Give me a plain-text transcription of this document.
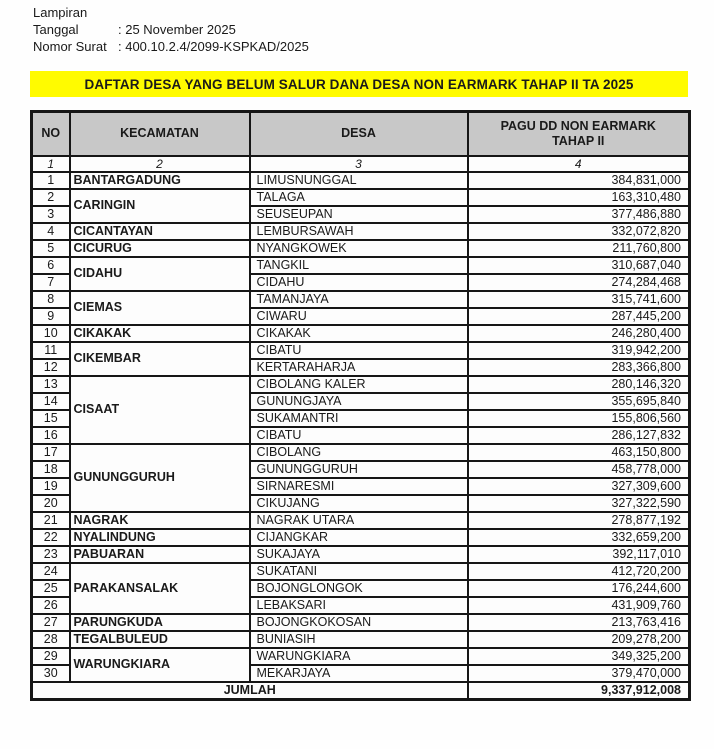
Lampiran
Tanggal	: 25 November 2025
Nomor Surat : 400.10.2.4/2099-KSPKAD/2025
DAFTAR DESA YANG BELUM SALUR DANA DESA NON EARMARK TAHAP II TA 2025
NO	KECAMATAN	DESA	PAGU DD NON EARMARK TAHAP II
1	2	3	4
1	BANTARGADUNG	LIMUSNUNGGAL	384,831,000
2	CARINGIN	TALAGA	163,310,480
3		SEUSEUPAN	377,486,880
4	CICANTAYAN	LEMBURSAWAH	332,072,820
5	CICURUG	NYANGKOWEK	211,760,800
6	CIDAHU	TANGKIL	310,687,040
7		CIDAHU	274,284,468
8	CIEMAS	TAMANJAYA	315,741,600
9		CIWARU	287,445,200
10	CIKAKAK	CIKAKAK	246,280,400
11	CIKEMBAR	CIBATU	319,942,200
12		KERTARAHARJA	283,366,800
13	CISAAT	CIBOLANG KALER	280,146,320
14		GUNUNGJAYA	355,695,840
15		SUKAMANTRI	155,806,560
16		CIBATU	286,127,832
17	GUNUNGGURUH	CIBOLANG	463,150,800
18		GUNUNGGURUH	458,778,000
19		SIRNARESMI	327,309,600
20		CIKUJANG	327,322,590
21	NAGRAK	NAGRAK UTARA	278,877,192
22	NYALINDUNG	CIJANGKAR	332,659,200
23	PABUARAN	SUKAJAYA	392,117,010
24	PARAKANSALAK	SUKATANI	412,720,200
25		BOJONGLONGOK	176,244,600
26		LEBAKSARI	431,909,760
27	PARUNGKUDA	BOJONGKOKOSAN	213,763,416
28	TEGALBULEUD	BUNIASIH	209,278,200
29	WARUNGKIARA	WARUNGKIARA	349,325,200
30		MEKARJAYA	379,470,000
JUMLAH			9,337,912,008
